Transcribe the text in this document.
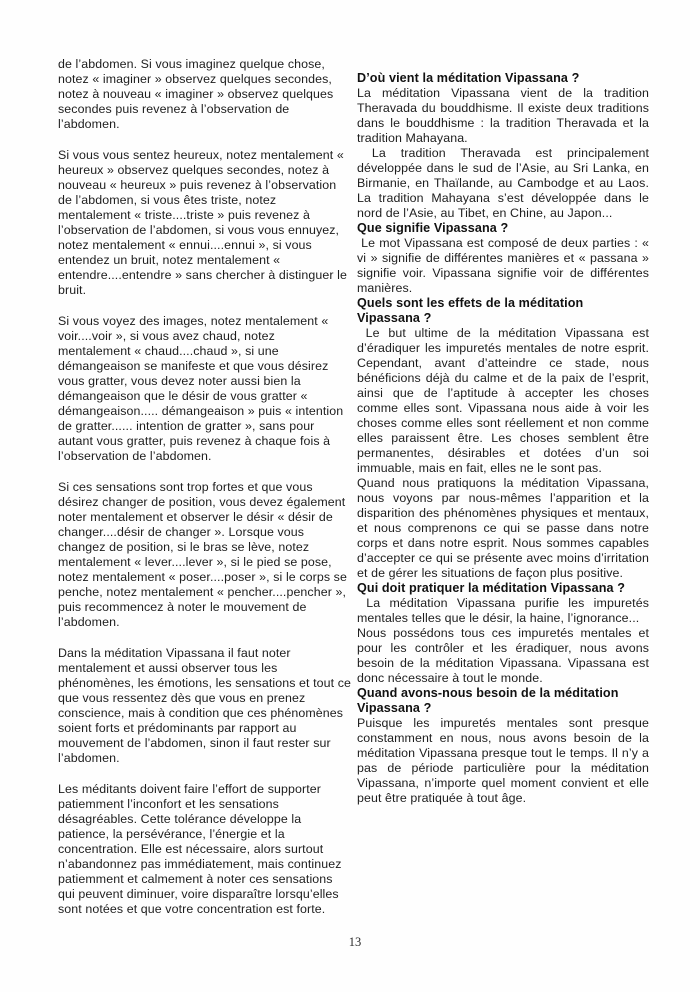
de l’abdomen. Si vous imaginez quelque chose, notez « imaginer » observez quelques secondes, notez à nouveau « imaginer » observez quelques secondes puis revenez à l’observation de l’abdomen.

Si vous vous sentez heureux, notez mentalement « heureux » observez quelques secondes, notez à nouveau « heureux » puis revenez à l’observation de l’abdomen, si vous êtes triste, notez mentalement « triste....triste » puis revenez à l’observation de l’abdomen, si vous vous ennuyez, notez mentalement « ennui....ennui », si vous entendez un bruit, notez mentalement « entendre....entendre » sans chercher à distinguer le bruit.

Si vous voyez des images, notez mentalement « voir....voir », si vous avez chaud, notez mentalement « chaud....chaud », si une démangeaison se manifeste et que vous désirez vous gratter, vous devez noter aussi bien la démangeaison que le désir de vous gratter « démangeaison..... démangeaison » puis « intention de gratter...... intention de gratter », sans pour autant vous gratter, puis revenez à chaque fois à l’observation de l’abdomen.

Si ces sensations sont trop fortes et que vous désirez changer de position, vous devez également noter mentalement et observer le désir « désir de changer....désir de changer ». Lorsque vous changez de position, si le bras se lève, notez mentalement « lever....lever », si le pied se pose, notez mentalement « poser....poser », si le corps se penche, notez mentalement « pencher....pencher », puis recommencez à noter le mouvement de l’abdomen.

Dans la méditation Vipassana il faut noter mentalement et aussi observer tous les phénomènes, les émotions, les sensations et tout ce que vous ressentez dès que vous en prenez conscience, mais à condition que ces phénomènes soient forts et prédominants par rapport au mouvement de l’abdomen, sinon il faut rester sur l’abdomen.

Les méditants doivent faire l’effort de supporter patiemment l’inconfort et les sensations désagréables. Cette tolérance développe la patience, la persévérance, l’énergie et la concentration. Elle est nécessaire, alors surtout n’abandonnez pas immédiatement, mais continuez patiemment et calmement à noter ces sensations qui peuvent diminuer, voire disparaître lorsqu’elles sont notées et que votre concentration est forte.

D’où vient la méditation Vipassana ?

La méditation Vipassana vient de la tradition Theravada du bouddhisme. Il existe deux traditions dans le bouddhisme : la tradition Theravada et la tradition Mahayana.

La tradition Theravada est principalement développée dans le sud de l’Asie, au Sri Lanka, en Birmanie, en Thaïlande, au Cambodge et au Laos. La tradition Mahayana s’est développée dans le nord de l’Asie, au Tibet, en Chine, au Japon...

Que signifie Vipassana ?

Le mot Vipassana est composé de deux parties : « vi » signifie de différentes manières et « passana » signifie voir. Vipassana signifie voir de différentes manières.

Quels sont les effets de la méditation Vipassana ?

Le but ultime de la méditation Vipassana est d’éradiquer les impuretés mentales de notre esprit. Cependant, avant d’atteindre ce stade, nous bénéficions déjà du calme et de la paix de l’esprit, ainsi que de l’aptitude à accepter les choses comme elles sont. Vipassana nous aide à voir les choses comme elles sont réellement et non comme elles paraissent être. Les choses semblent être permanentes, désirables et dotées d’un soi immuable, mais en fait, elles ne le sont pas.

Quand nous pratiquons la méditation Vipassana, nous voyons par nous-mêmes l’apparition et la disparition des phénomènes physiques et mentaux, et nous comprenons ce qui se passe dans notre corps et dans notre esprit. Nous sommes capables d’accepter ce qui se présente avec moins d’irritation et de gérer les situations de façon plus positive.

Qui doit pratiquer la méditation Vipassana ?

La méditation Vipassana purifie les impuretés mentales telles que le désir, la haine, l’ignorance...

Nous possédons tous ces impuretés mentales et pour les contrôler et les éradiquer, nous avons besoin de la méditation Vipassana. Vipassana est donc nécessaire à tout le monde.

Quand avons-nous besoin de la méditation Vipassana ?

Puisque les impuretés mentales sont presque constamment en nous, nous avons besoin de la méditation Vipassana presque tout le temps. Il n’y a pas de période particulière pour la méditation Vipassana, n’importe quel moment convient et elle peut être pratiquée à tout âge.

13
